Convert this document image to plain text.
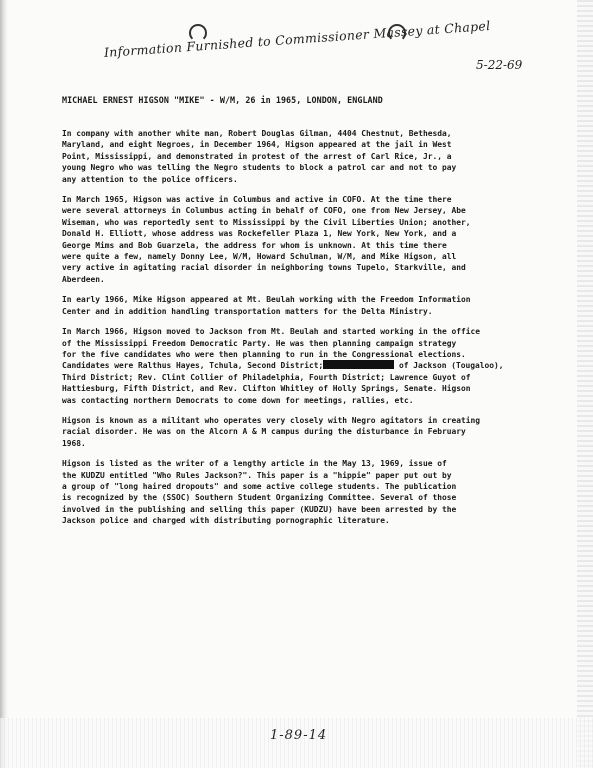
Information Furnished to Commissioner Massey at Chapel
5-22-69
MICHAEL ERNEST HIGSON "MIKE" - W/M, 26 in 1965, LONDON, ENGLAND
In company with another white man, Robert Douglas Gilman, 4404 Chestnut, Bethesda,
Maryland, and eight Negroes, in December 1964, Higson appeared at the jail in West
Point, Mississippi, and demonstrated in protest of the arrest of Carl Rice, Jr., a
young Negro who was telling the Negro students to block a patrol car and not to pay
any attention to the police officers.
In March 1965, Higson was active in Columbus and active in COFO. At the time there
were several attorneys in Columbus acting in behalf of COFO, one from New Jersey, Abe
Wiseman, who was reportedly sent to Mississippi by the Civil Liberties Union; another,
Donald H. Elliott, whose address was Rockefeller Plaza 1, New York, New York, and a
George Mims and Bob Guarzela, the address for whom is unknown. At this time there
were quite a few, namely Donny Lee, W/M, Howard Schulman, W/M, and Mike Higson, all
very active in agitating racial disorder in neighboring towns Tupelo, Starkville, and
Aberdeen.
In early 1966, Mike Higson appeared at Mt. Beulah working with the Freedom Information
Center and in addition handling transportation matters for the Delta Ministry.
In March 1966, Higson moved to Jackson from Mt. Beulah and started working in the office
of the Mississippi Freedom Democratic Party. He was then planning campaign strategy
for the five candidates who were then planning to run in the Congressional elections.
Candidates were Ralthus Hayes, Tchula, Second District;	of Jackson (Tougaloo),
Third District; Rev. Clint Collier of Philadelphia, Fourth District; Lawrence Guyot of
Hattiesburg, Fifth District, and Rev. Clifton Whitley of Holly Springs, Senate. Higson
was contacting northern Democrats to come down for meetings, rallies, etc.
Higson is known as a militant who operates very closely with Negro agitators in creating
racial disorder. He was on the Alcorn A & M campus during the disturbance in February
1968.
Higson is listed as the writer of a lengthy article in the May 13, 1969, issue of
the KUDZU entitled "Who Rules Jackson?". This paper is a "hippie" paper put out by
a group of "long haired dropouts" and some active college students. The publication
is recognized by the (SSOC) Southern Student Organizing Committee. Several of those
involved in the publishing and selling this paper (KUDZU) have been arrested by the
Jackson police and charged with distributing pornographic literature.
1-89-14
